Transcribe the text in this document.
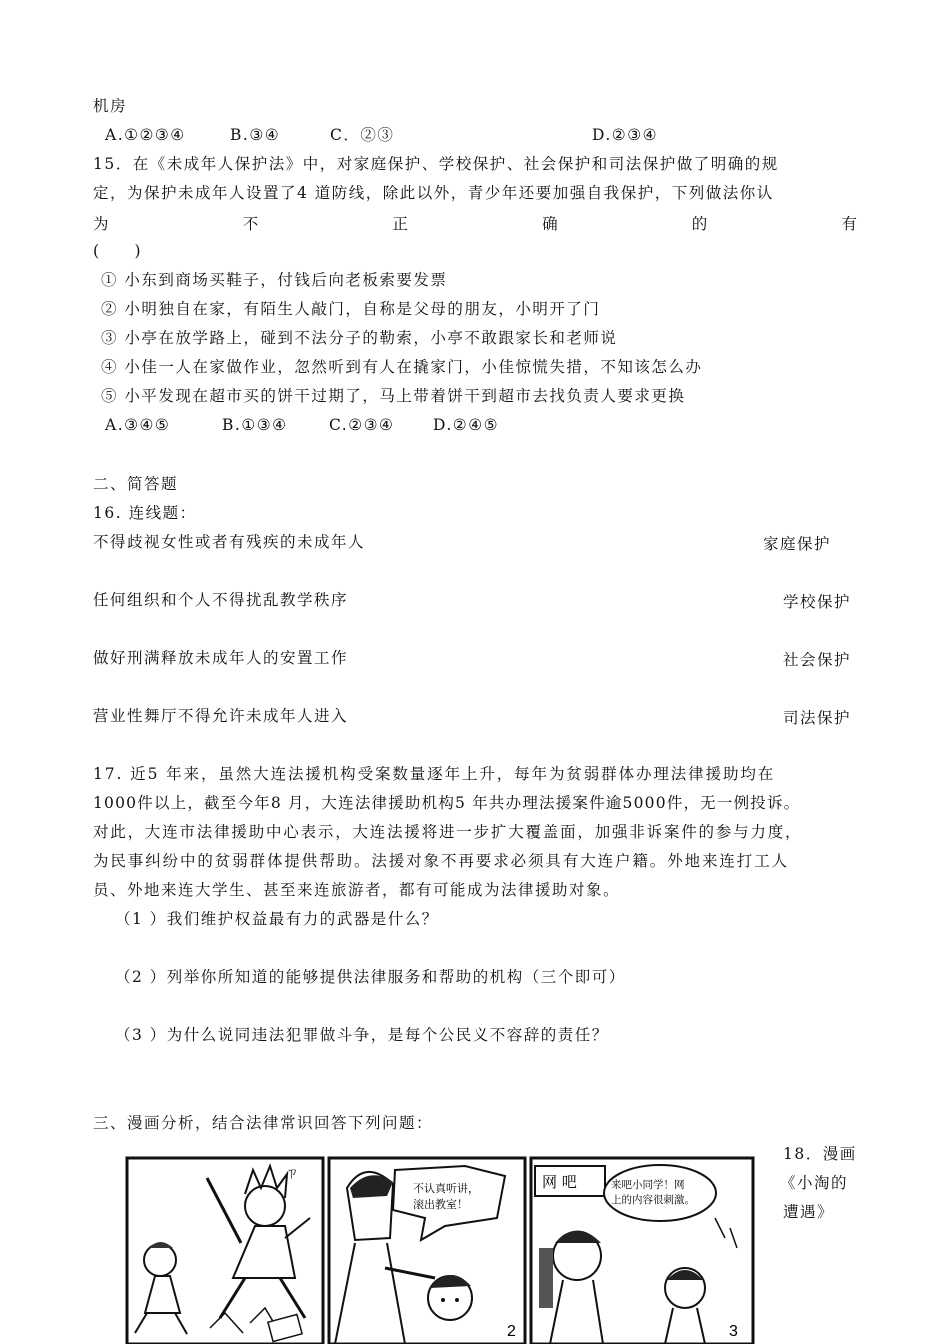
机房
A.①②③④	B.③④	C．②③	D.②③④
15．在《未成年人保护法》中，对家庭保护、学校保护、社会保护和司法保护做了明确的规
定，为保护未成年人设置了4 道防线，除此以外，青少年还要加强自我保护，下列做法你认
为	不	正	确	的	有
(　　)
① 小东到商场买鞋子，付钱后向老板索要发票
② 小明独自在家，有陌生人敲门，自称是父母的朋友，小明开了门
③ 小亭在放学路上，碰到不法分子的勒索，小亭不敢跟家长和老师说
④ 小佳一人在家做作业，忽然听到有人在撬家门，小佳惊慌失措，不知该怎么办
⑤ 小平发现在超市买的饼干过期了，马上带着饼干到超市去找负责人要求更换
A.③④⑤	B.①③④	C.②③④ D.②④⑤
二、简答题
16. 连线题：
不得歧视女性或者有残疾的未成年人	家庭保护
任何组织和个人不得扰乱教学秩序	学校保护
做好刑满释放未成年人的安置工作	社会保护
营业性舞厅不得允许未成年人进入	司法保护
17. 近5 年来，虽然大连法援机构受案数量逐年上升，每年为贫弱群体办理法律援助均在
1000件以上，截至今年8 月，大连法律援助机构5 年共办理法援案件逾5000件，无一例投诉。
对此，大连市法律援助中心表示，大连法援将进一步扩大覆盖面，加强非诉案件的参与力度，
为民事纠纷中的贫弱群体提供帮助。法援对象不再要求必须具有大连户籍。外地来连打工人
员、外地来连大学生、甚至来连旅游者，都有可能成为法律援助对象。
（1 ）我们维护权益最有力的武器是什么？
（2 ）列举你所知道的能够提供法律服务和帮助的机构（三个即可）
（3 ）为什么说同违法犯罪做斗争，是每个公民义不容辞的责任？
三、漫画分析，结合法律常识回答下列问题：
18．漫画
《小淘的
遭遇》
ㄗ
不认真听讲，
滚出教室！
2
网 吧	来吧小同学！网
上的内容很刺激。
3
